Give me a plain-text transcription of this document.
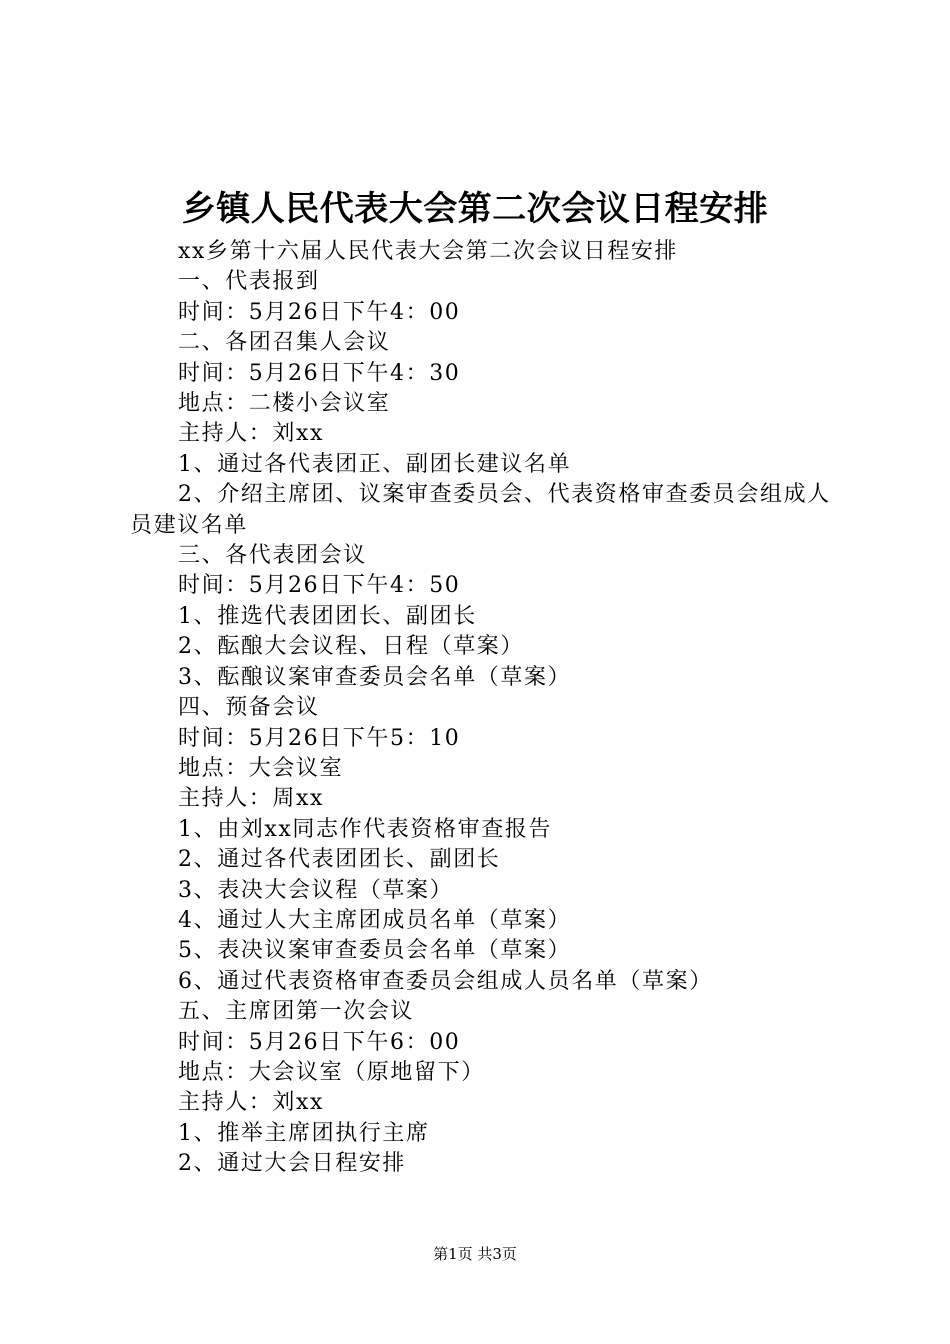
乡镇人民代表大会第二次会议日程安排

xx乡第十六届人民代表大会第二次会议日程安排

一、代表报到

时间：5月26日下午4：00

二、各团召集人会议

时间：5月26日下午4：30

地点：二楼小会议室

主持人：刘xx

1、通过各代表团正、副团长建议名单

2、介绍主席团、议案审查委员会、代表资格审查委员会组成人员建议名单

三、各代表团会议

时间：5月26日下午4：50

1、推选代表团团长、副团长

2、酝酿大会议程、日程（草案）

3、酝酿议案审查委员会名单（草案）

四、预备会议

时间：5月26日下午5：10

地点：大会议室

主持人：周xx

1、由刘xx同志作代表资格审查报告

2、通过各代表团团长、副团长

3、表决大会议程（草案）

4、通过人大主席团成员名单（草案）

5、表决议案审查委员会名单（草案）

6、通过代表资格审查委员会组成人员名单（草案）

五、主席团第一次会议

时间：5月26日下午6：00

地点：大会议室（原地留下）

主持人：刘xx

1、推举主席团执行主席

2、通过大会日程安排

第1页 共3页
